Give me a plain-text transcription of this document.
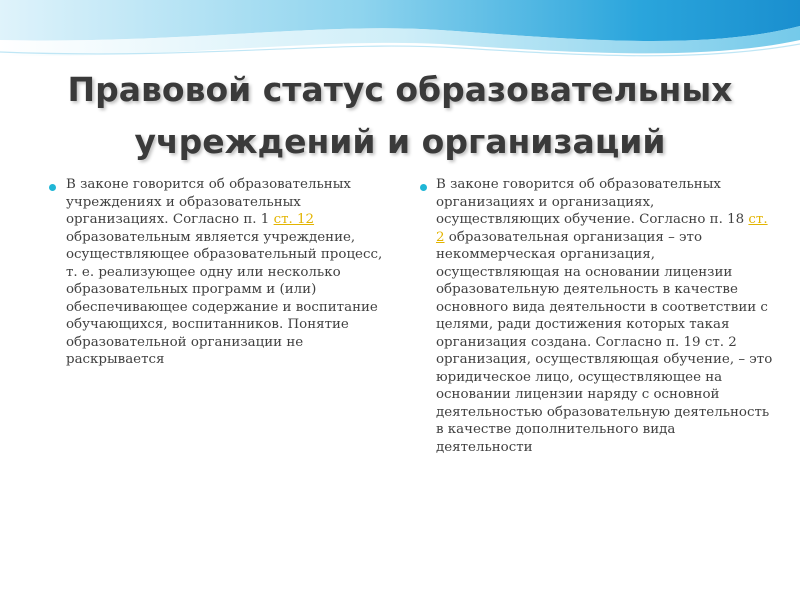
Правовой статус образовательных
учреждений и организаций
В законе говорится об образовательных учреждениях и образовательных организациях. Согласно п. 1 ст. 12 образовательным является учреждение, осуществляющее образовательный процесс, т. е. реализующее одну или несколько образовательных программ и (или) обеспечивающее содержание и воспитание обучающихся, воспитанников. Понятие образовательной организации не раскрывается
В законе говорится об образовательных организациях и организациях, осуществляющих обучение. Согласно п. 18 ст. 2 образовательная организация – это некоммерческая организация, осуществляющая на основании лицензии образовательную деятельность в качестве основного вида деятельности в соответствии с целями, ради достижения которых такая организация создана. Согласно п. 19 ст. 2 организация, осуществляющая обучение, – это юридическое лицо, осуществляющее на основании лицензии наряду с основной деятельностью образовательную деятельность в качестве дополнительного вида деятельности
